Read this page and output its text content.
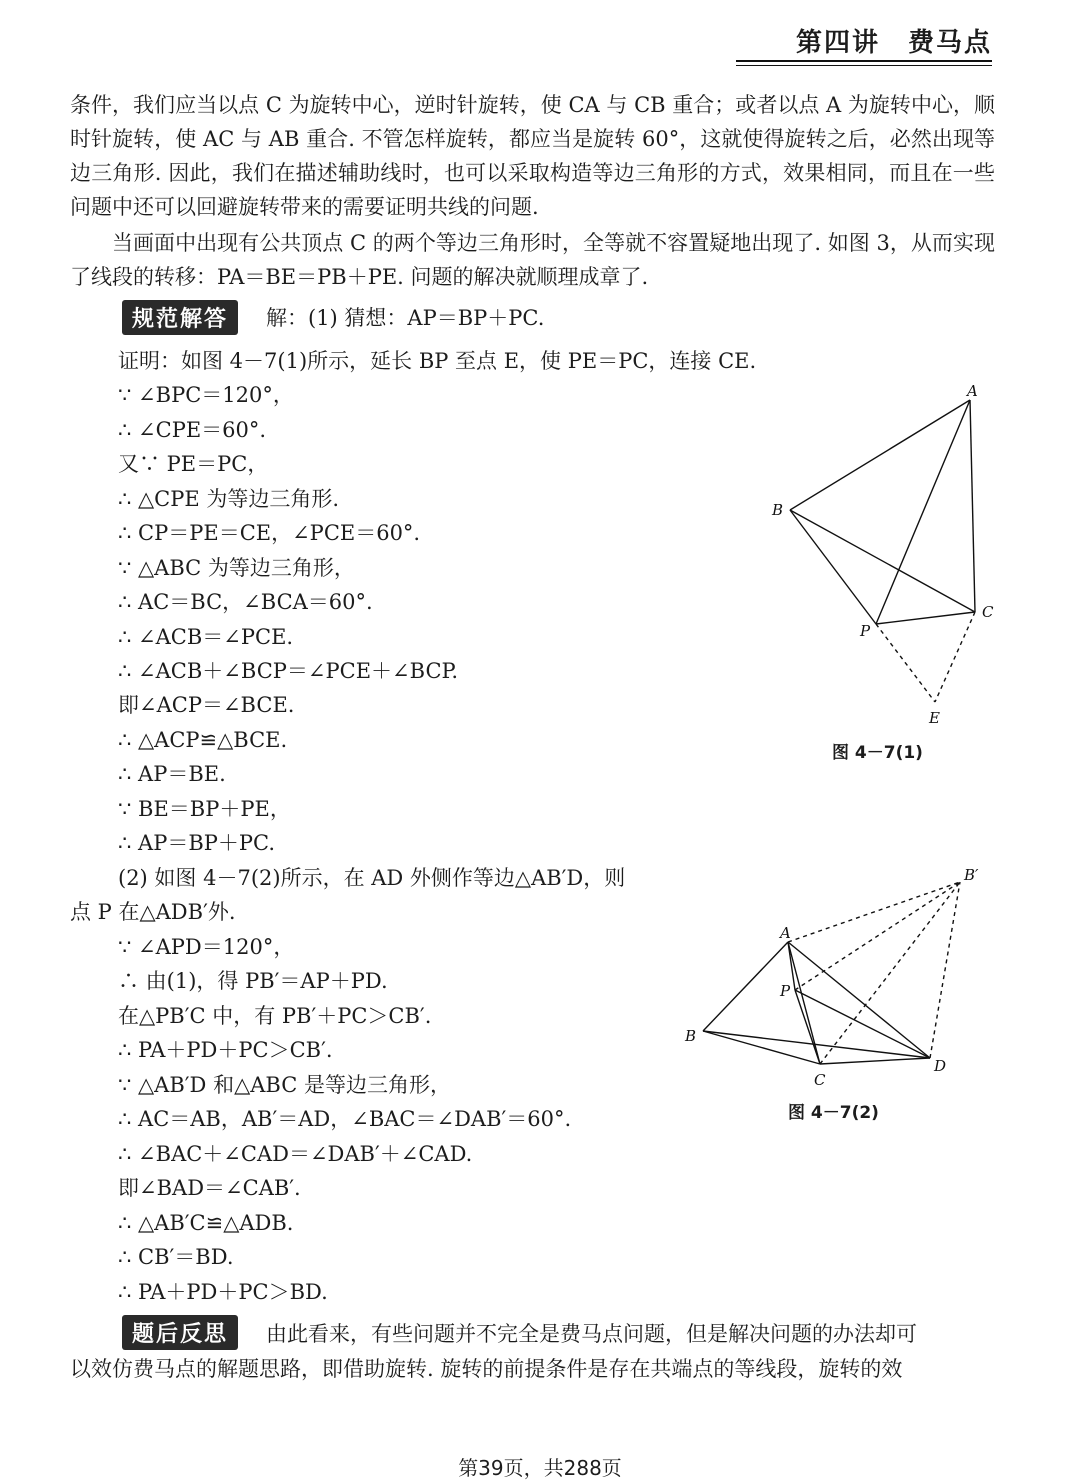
第四讲　费马点
条件，我们应当以点 C 为旋转中心，逆时针旋转，使 CA 与 CB 重合；或者以点 A 为旋转中心，顺时针旋转，使 AC 与 AB 重合. 不管怎样旋转，都应当是旋转 60°，这就使得旋转之后，必然出现等边三角形. 因此，我们在描述辅助线时，也可以采取构造等边三角形的方式，效果相同，而且在一些问题中还可以回避旋转带来的需要证明共线的问题.
当画面中出现有公共顶点 C 的两个等边三角形时，全等就不容置疑地出现了. 如图 3，从而实现了线段的转移：PA＝BE＝PB＋PE. 问题的解决就顺理成章了.
规范解答	解：(1) 猜想：AP＝BP＋PC.
证明：如图 4－7(1)所示，延长 BP 至点 E，使 PE＝PC，连接 CE.
∵ ∠BPC＝120°，
∴ ∠CPE＝60°.
又∵ PE＝PC，
∴ △CPE 为等边三角形.
∴ CP＝PE＝CE，∠PCE＝60°.
∵ △ABC 为等边三角形，
∴ AC＝BC，∠BCA＝60°.
∴ ∠ACB＝∠PCE.
∴ ∠ACB＋∠BCP＝∠PCE＋∠BCP.
即∠ACP＝∠BCE.
∴ △ACP≌△BCE.
∴ AP＝BE.
∵ BE＝BP＋PE，
∴ AP＝BP＋PC.
(2) 如图 4－7(2)所示，在 AD 外侧作等边△AB′D，则
点 P 在△ADB′外.
∵ ∠APD＝120°，
∴ 由(1)，得 PB′＝AP＋PD.
在△PB′C 中，有 PB′＋PC＞CB′.
∴ PA＋PD＋PC＞CB′.
∵ △AB′D 和△ABC 是等边三角形，
∴ AC＝AB，AB′＝AD，∠BAC＝∠DAB′＝60°.
∴ ∠BAC＋∠CAD＝∠DAB′＋∠CAD.
即∠BAD＝∠CAB′.
∴ △AB′C≌△ADB.
∴ CB′＝BD.
∴ PA＋PD＋PC＞BD.
题后反思	由此看来，有些问题并不完全是费马点问题，但是解决问题的办法却可
以效仿费马点的解题思路，即借助旋转. 旋转的前提条件是存在共端点的等线段，旋转的效
A
B
C
P
E
图 4－7(1)
A
B
C
D
P
B′
图 4－7(2)
第39页，共288页
